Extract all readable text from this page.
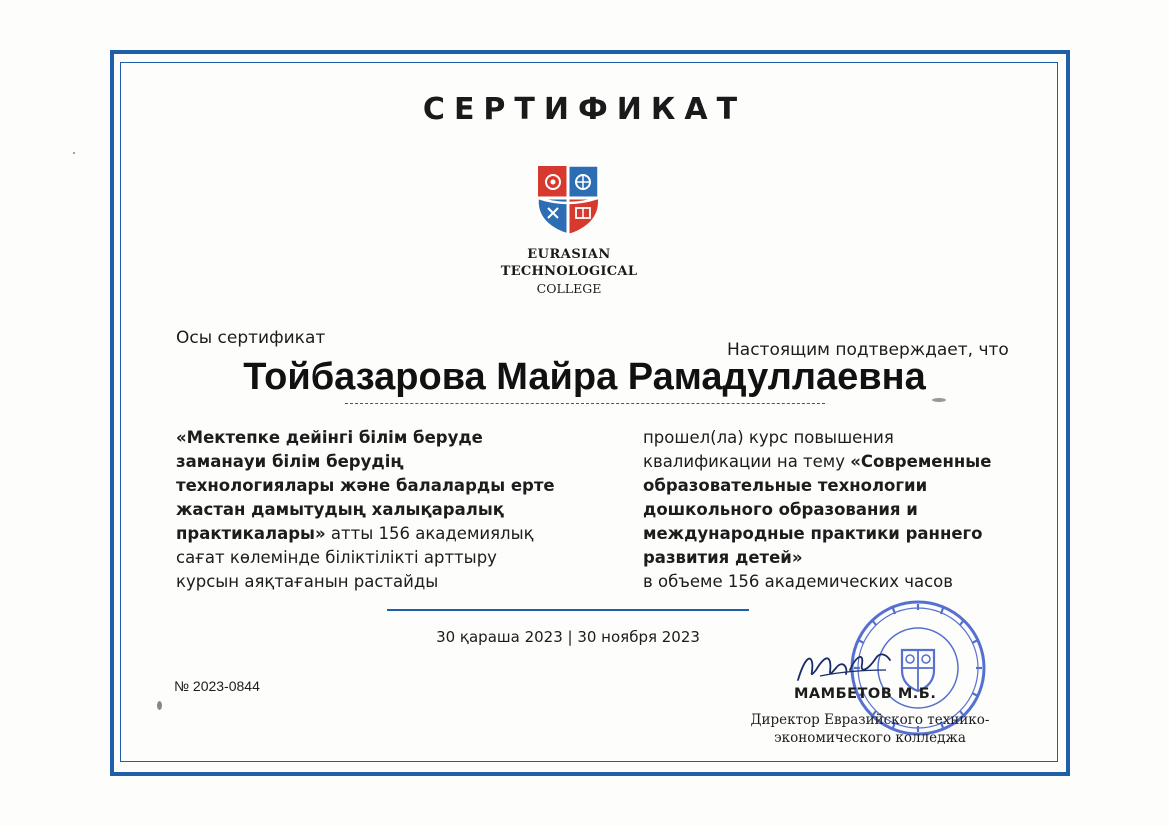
СЕРТИФИКАТ
EURASIAN
TECHNOLOGICAL
COLLEGE
Осы сертификат
Настоящим подтверждает, что
Тойбазарова Майра Рамадуллаевна
«Мектепке дейінгі білім беруде заманауи білім берудің технологиялары және балаларды ерте жастан дамытудың халықаралық практикалары» атты 156 академиялық сағат көлемінде біліктілікті арттыру курсын аяқтағанын растайды
прошел(ла) курс повышения квалификации на тему «Современные образовательные технологии дошкольного образования и международные практики раннего развития детей»
в объеме 156 академических часов
30 қараша 2023 | 30 ноября 2023
№ 2023-0844	МАМБЕТОВ М.Б.
Директор Евразийского технико-
экономического колледжа
